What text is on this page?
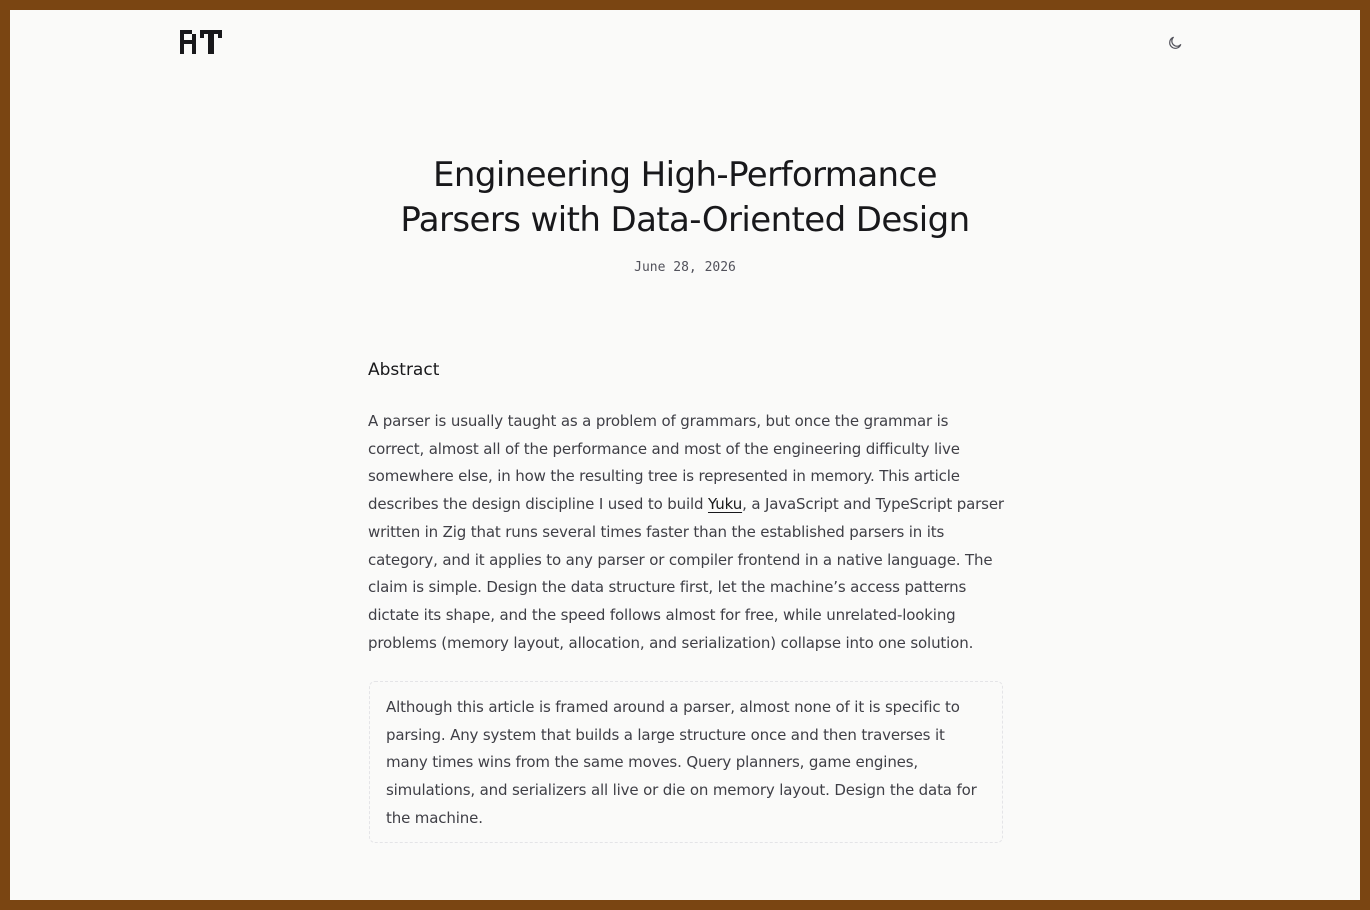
Engineering High-Performance
Parsers with Data-Oriented Design
June 28, 2026
Abstract

A parser is usually taught as a problem of grammars, but once the grammar is correct, almost all of the performance and most of the engineering difficulty live somewhere else, in how the resulting tree is represented in memory. This article describes the design discipline I used to build Yuku, a JavaScript and TypeScript parser written in Zig that runs several times faster than the established parsers in its category, and it applies to any parser or compiler frontend in a native language. The claim is simple. Design the data structure first, let the machine’s access patterns dictate its shape, and the speed follows almost for free, while unrelated-looking problems (memory layout, allocation, and serialization) collapse into one solution.

Although this article is framed around a parser, almost none of it is specific to parsing. Any system that builds a large structure once and then traverses it many times wins from the same moves. Query planners, game engines, simulations, and serializers all live or die on memory layout. Design the data for the machine.
